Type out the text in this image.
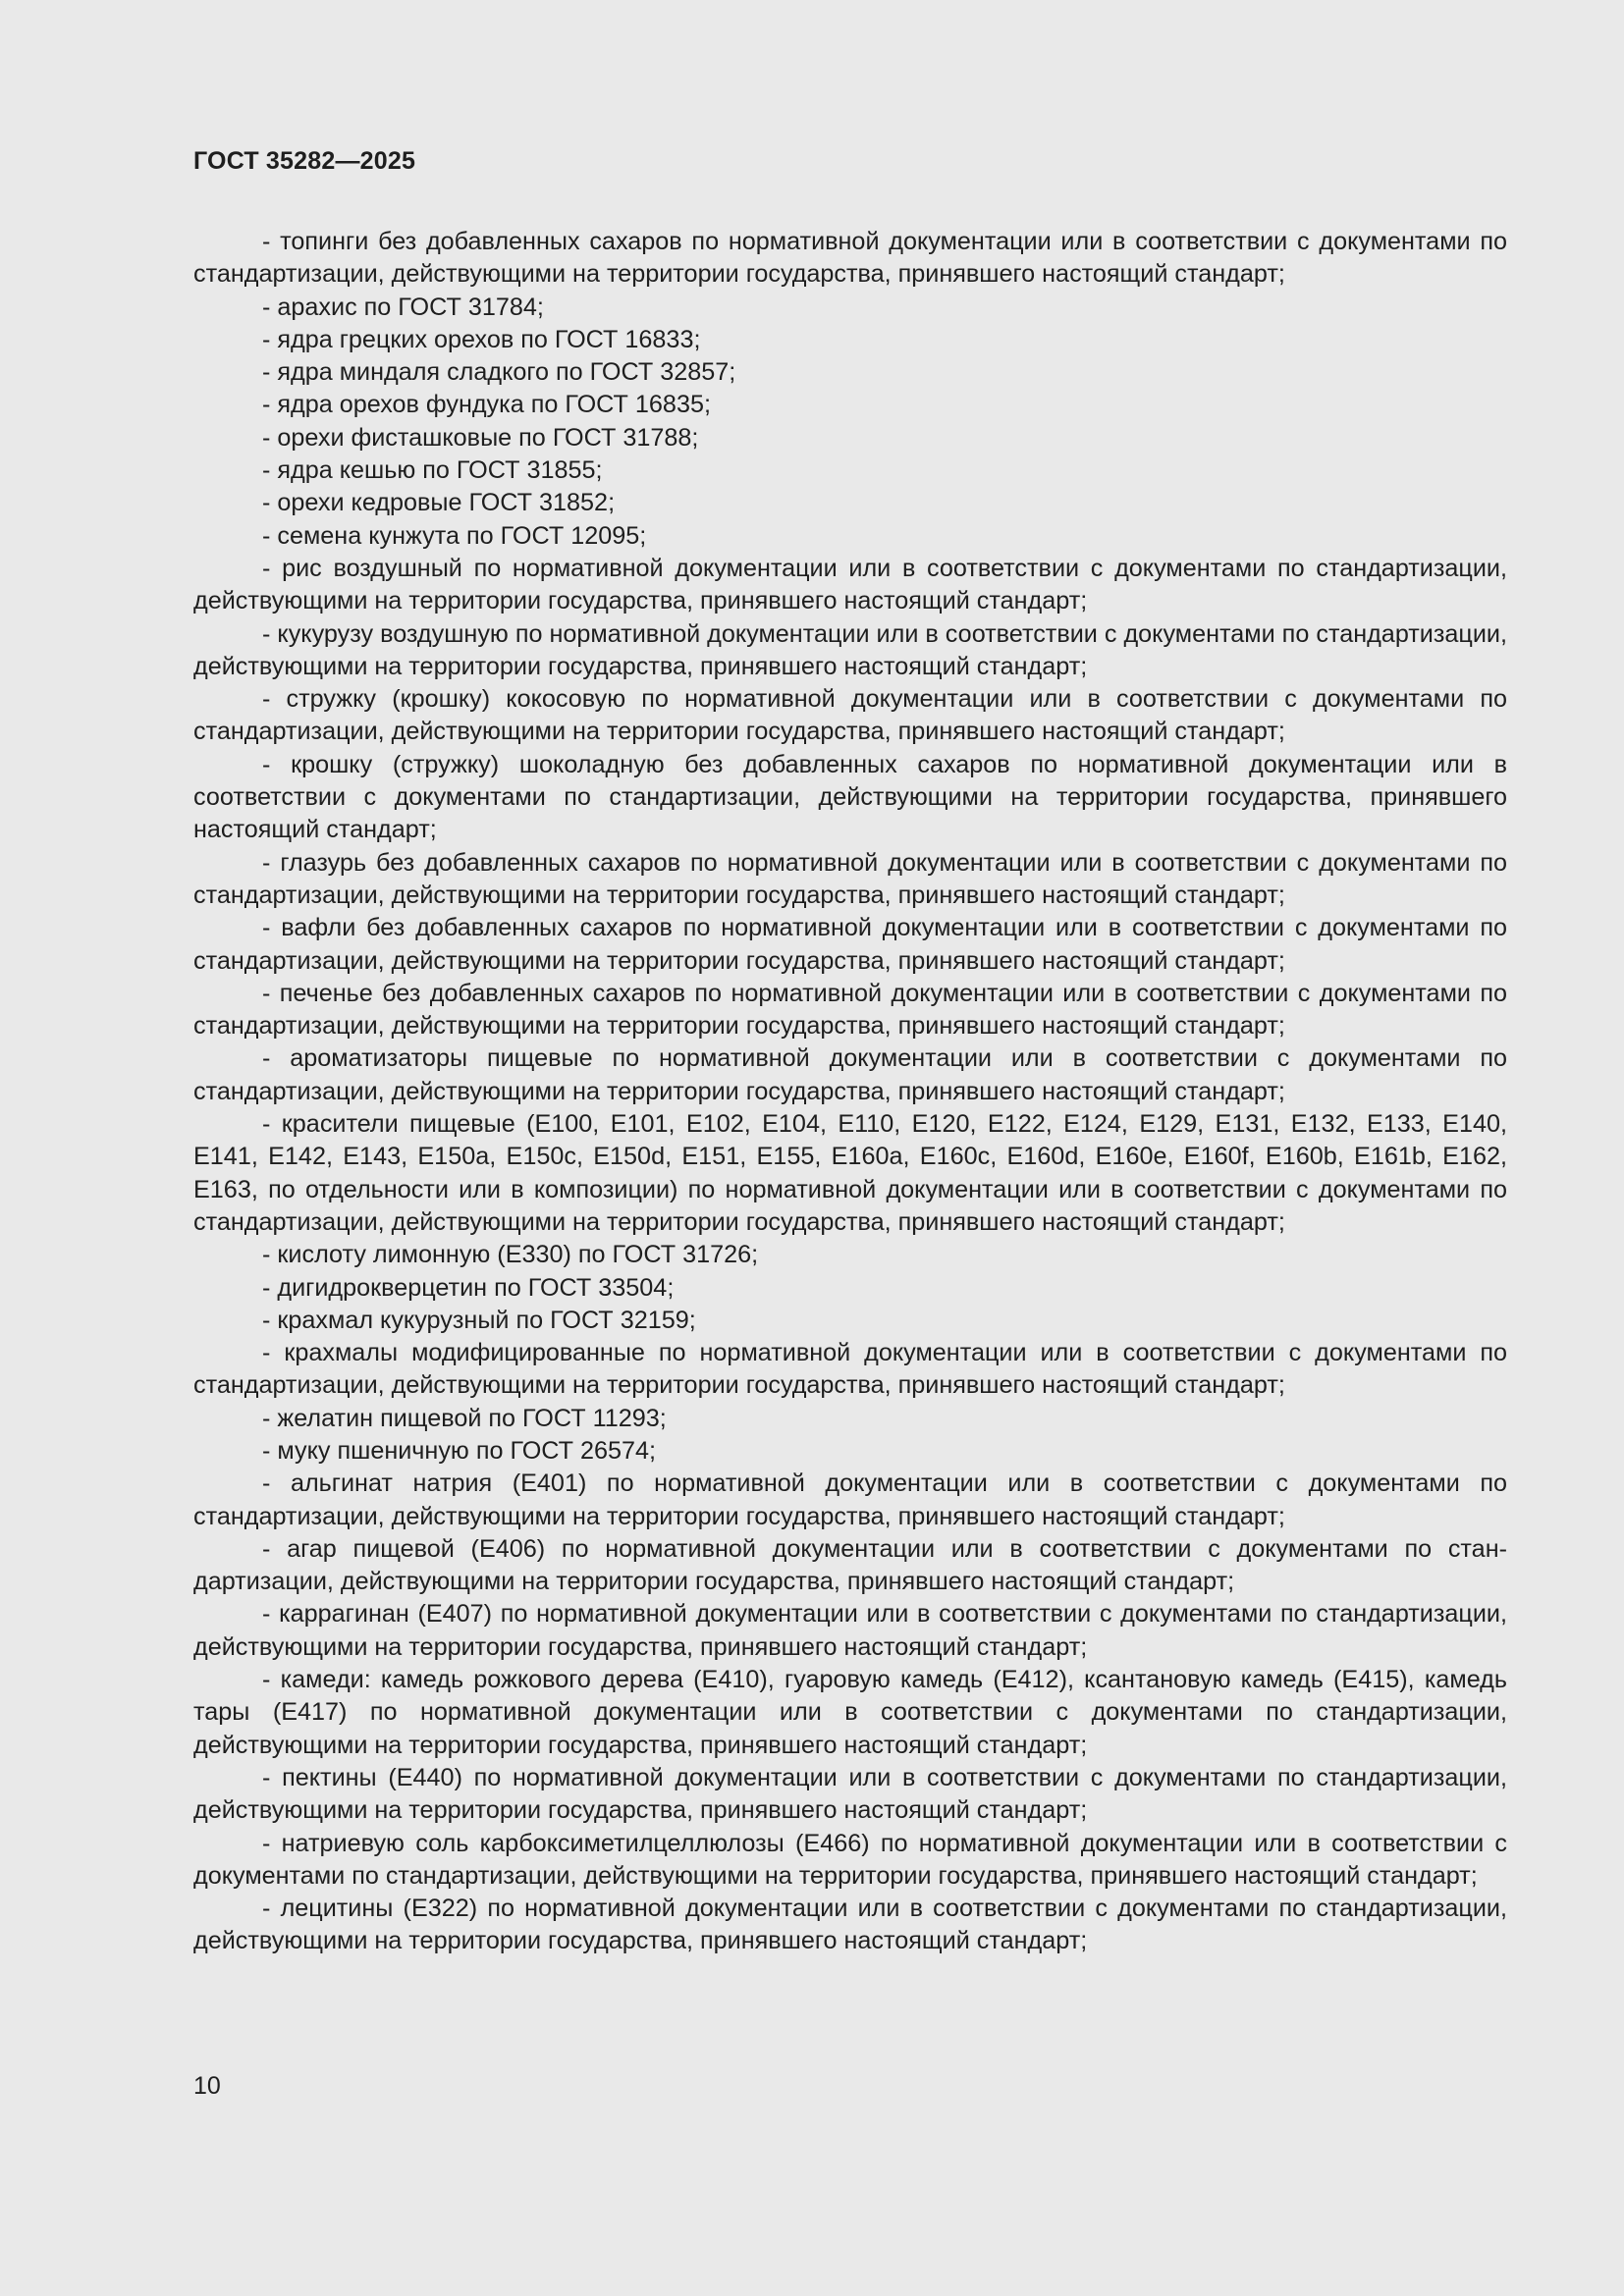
ГОСТ 35282—2025

- топинги без добавленных сахаров по нормативной документации или в соответствии с документами по стандартизации, действующими на территории государства, принявшего настоящий стандарт;

- арахис по ГОСТ 31784;

- ядра грецких орехов по ГОСТ 16833;

- ядра миндаля сладкого по ГОСТ 32857;

- ядра орехов фундука по ГОСТ 16835;

- орехи фисташковые по ГОСТ 31788;

- ядра кешью по ГОСТ 31855;

- орехи кедровые ГОСТ 31852;

- семена кунжута по ГОСТ 12095;

- рис воздушный по нормативной документации или в соответствии с документами по стандартизации, действующими на территории государства, принявшего настоящий стандарт;

- кукурузу воздушную по нормативной документации или в соответствии с документами по стандартизации, действующими на территории государства, принявшего настоящий стандарт;

- стружку (крошку) кокосовую по нормативной документации или в соответствии с документами по стандартизации, действующими на территории государства, принявшего настоящий стандарт;

- крошку (стружку) шоколадную без добавленных сахаров по нормативной документации или в соответствии с документами по стандартизации, действующими на территории государства, принявшего настоящий стандарт;

- глазурь без добавленных сахаров по нормативной документации или в соответствии с документами по стандартизации, действующими на территории государства, принявшего настоящий стандарт;

- вафли без добавленных сахаров по нормативной документации или в соответствии с документами по стандартизации, действующими на территории государства, принявшего настоящий стандарт;

- печенье без добавленных сахаров по нормативной документации или в соответствии с документами по стандартизации, действующими на территории государства, принявшего настоящий стандарт;

- ароматизаторы пищевые по нормативной документации или в соответствии с документами по стандартизации, действующими на территории государства, принявшего настоящий стандарт;

- красители пищевые (Е100, Е101, Е102, Е104, Е110, Е120, Е122, Е124, Е129, Е131, Е132, Е133, Е140, Е141, Е142, Е143, Е150а, Е150с, Е150d, Е151, Е155, Е160а, Е160с, Е160d, Е160е, Е160f, Е160b, Е161b, Е162, Е163, по отдельности или в композиции) по нормативной документации или в соответствии с документами по стандартизации, действующими на территории государства, принявшего настоящий стандарт;

- кислоту лимонную (Е330) по ГОСТ 31726;

- дигидрокверцетин по ГОСТ 33504;

- крахмал кукурузный по ГОСТ 32159;

- крахмалы модифицированные по нормативной документации или в соответствии с документами по стандартизации, действующими на территории государства, принявшего настоящий стандарт;

- желатин пищевой по ГОСТ 11293;

- муку пшеничную по ГОСТ 26574;

- альгинат натрия (Е401) по нормативной документации или в соответствии с документами по стандартизации, действующими на территории государства, принявшего настоящий стандарт;

- агар пищевой (Е406) по нормативной документации или в соответствии с документами по стандартизации, действующими на территории государства, принявшего настоящий стандарт;

- каррагинан (Е407) по нормативной документации или в соответствии с документами по стандартизации, действующими на территории государства, принявшего настоящий стандарт;

- камеди: камедь рожкового дерева (Е410), гуаровую камедь (Е412), ксантановую камедь (Е415), камедь тары (Е417) по нормативной документации или в соответствии с документами по стандартизации, действующими на территории государства, принявшего настоящий стандарт;

- пектины (Е440) по нормативной документации или в соответствии с документами по стандартизации, действующими на территории государства, принявшего настоящий стандарт;

- натриевую соль карбоксиметилцеллюлозы (Е466) по нормативной документации или в соответствии с документами по стандартизации, действующими на территории государства, принявшего настоящий стандарт;

- лецитины (Е322) по нормативной документации или в соответствии с документами по стандартизации, действующими на территории государства, принявшего настоящий стандарт;

10
